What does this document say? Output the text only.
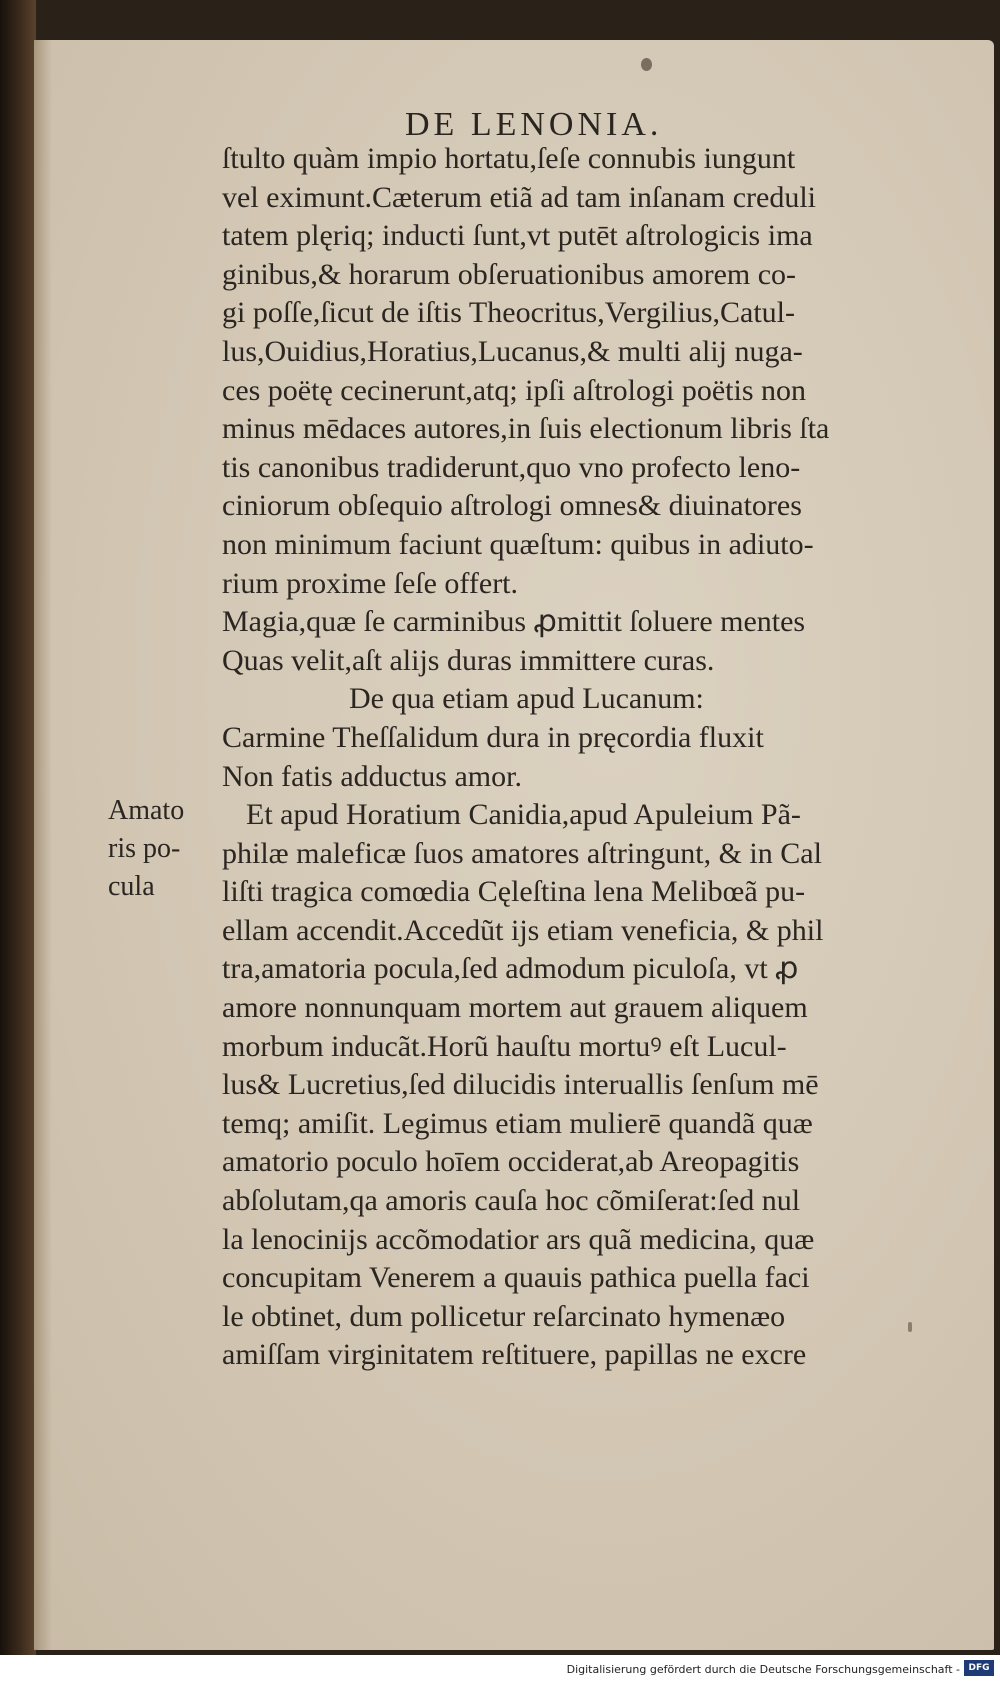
DE LENONIA.
ſtulto quàm impio hortatu,ſeſe connubis iungunt
vel eximunt.Cæterum etiã ad tam inſanam creduli
tatem plęriq; inducti ſunt,vt putēt aſtrologicis ima
ginibus,& horarum obſeruationibus amorem co-
gi poſſe,ſicut de iſtis Theocritus,Vergilius,Catul-
lus,Ouidius,Horatius,Lucanus,& multi alij nuga-
ces poëtę cecinerunt,atq; ipſi aſtrologi poëtis non
minus mēdaces autores,in ſuis electionum libris ſta
tis canonibus tradiderunt,quo vno profecto leno-
ciniorum obſequio aſtrologi omnes& diuinatores
non minimum faciunt quæſtum: quibus in adiuto-
rium proxime ſeſe offert.
Magia,quæ ſe carminibus ꝓmittit ſoluere mentes
Quas velit,aſt alijs duras immittere curas.
De qua etiam apud Lucanum:
Carmine Theſſalidum dura in pręcordia fluxit
Non fatis adductus amor.
Et apud Horatium Canidia,apud Apuleium Pã-
philæ maleficæ ſuos amatores aſtringunt, & in Cal
liſti tragica comœdia Cęleſtina lena Melibœã pu-
ellam accendit.Accedũt ijs etiam veneficia, & phil
tra,amatoria pocula,ſed admodum piculoſa, vt ꝓ
amore nonnunquam mortem aut grauem aliquem
morbum inducãt.Horũ hauſtu mortuꝰ eſt Lucul-
lus& Lucretius,ſed dilucidis interuallis ſenſum mē
temq; amiſit. Legimus etiam mulierē quandã quæ
amatorio poculo hoīem occiderat,ab Areopagitis
abſolutam,qa amoris cauſa hoc cõmiſerat:ſed nul
la lenocinijs accõmodatior ars quã medicina, quæ
concupitam Venerem a quauis pathica puella faci
le obtinet, dum pollicetur reſarcinato hymenæo
amiſſam virginitatem reſtituere, papillas ne excre
Amato
ris po-
cula
Digitalisierung gefördert durch die Deutsche Forschungsgemeinschaft - DFG
